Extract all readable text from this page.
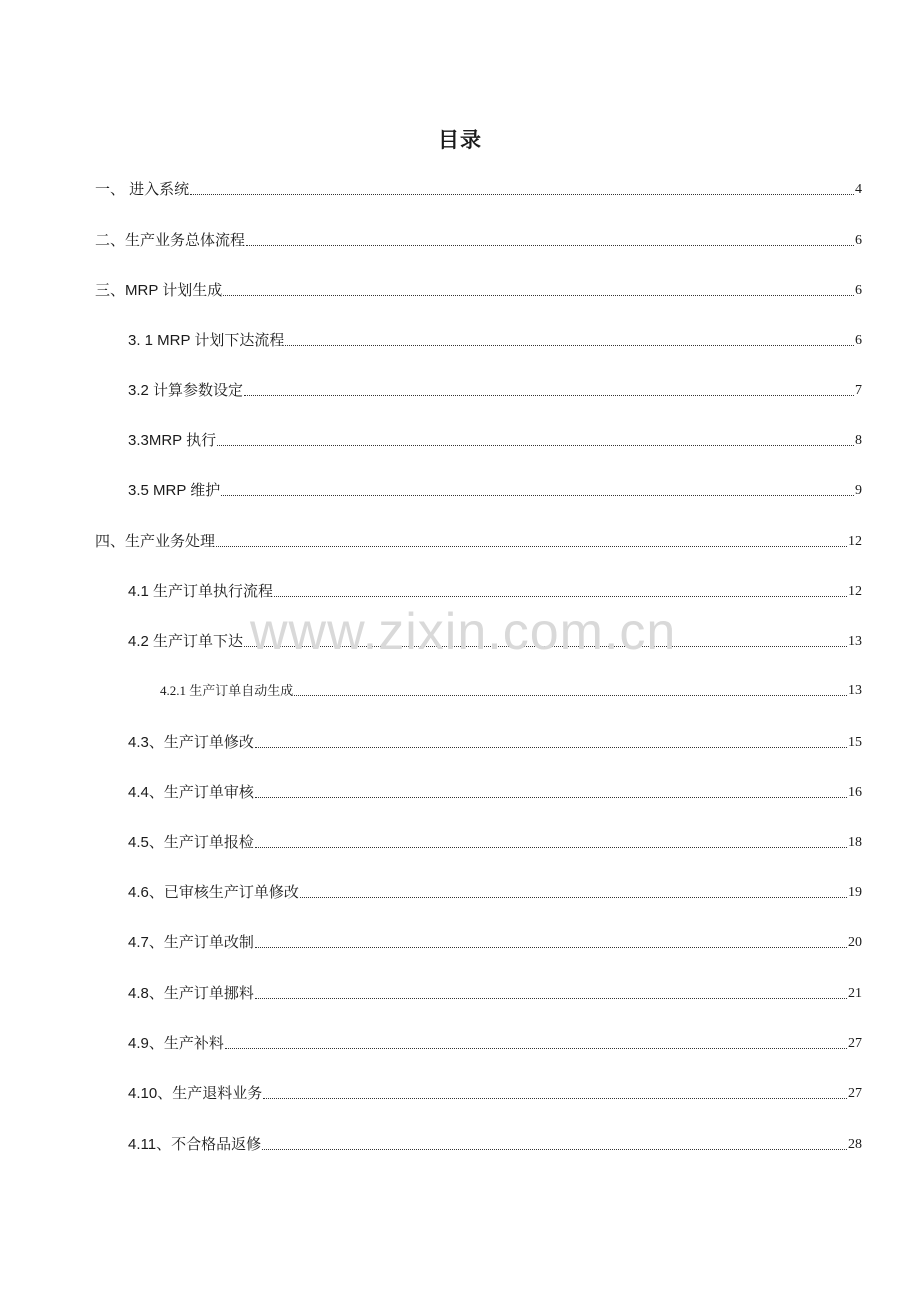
目录
一、 进入系统	4
二、生产业务总体流程	6
三、MRP 计划生成	6
3. 1 MRP 计划下达流程	6
3.2 计算参数设定	7
3.3MRP 执行	8
3.5 MRP 维护	9
四、生产业务处理	12
4.1 生产订单执行流程	12
4.2 生产订单下达	13
4.2.1 生产订单自动生成	13
4.3、生产订单修改	15
4.4、生产订单审核	16
4.5、生产订单报检	18
4.6、已审核生产订单修改	19
4.7、生产订单改制	20
4.8、生产订单挪料	21
4.9、生产补料	27
4.10、生产退料业务	27
4.11、不合格品返修	28
www.zixin.com.cn
